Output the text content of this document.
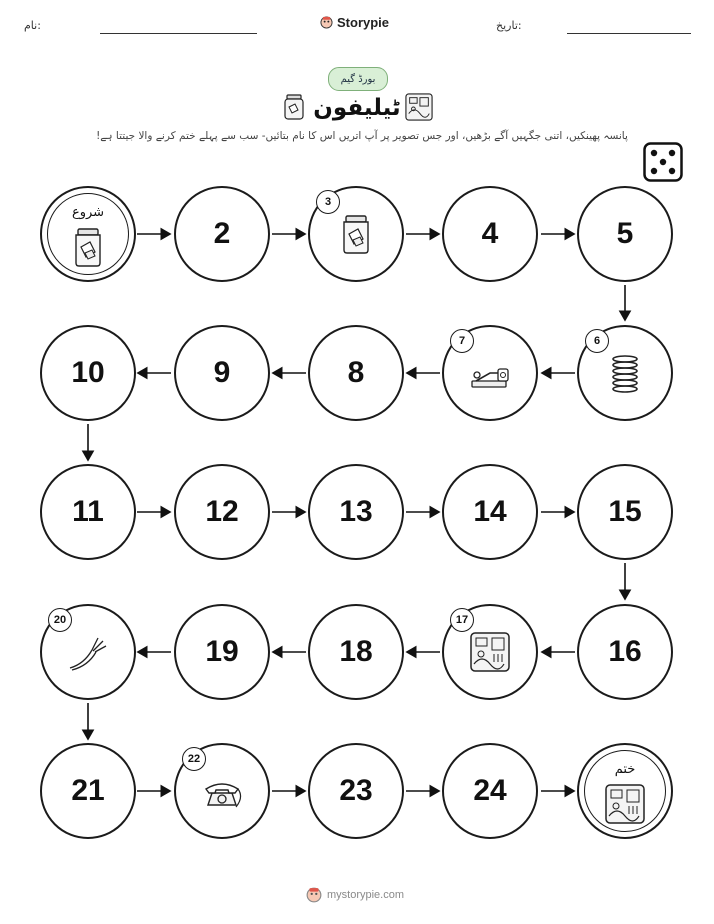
نام:	Storypie	تاریخ:
بورڈ گیم
ٹیلیفون
پانسہ پھینکیں، اتنی جگہیں آگے بڑھیں، اور جس تصویر پر آپ اتریں اس کا نام بتائیں- سب سے پہلے ختم کرنے والا جیتتا ہے!
شروع
ختم
2
3
4	5
6
7
8
9
10
11	12	13	14	15
16
17
18
19
20
21
22
23	24
mystorypie.com
